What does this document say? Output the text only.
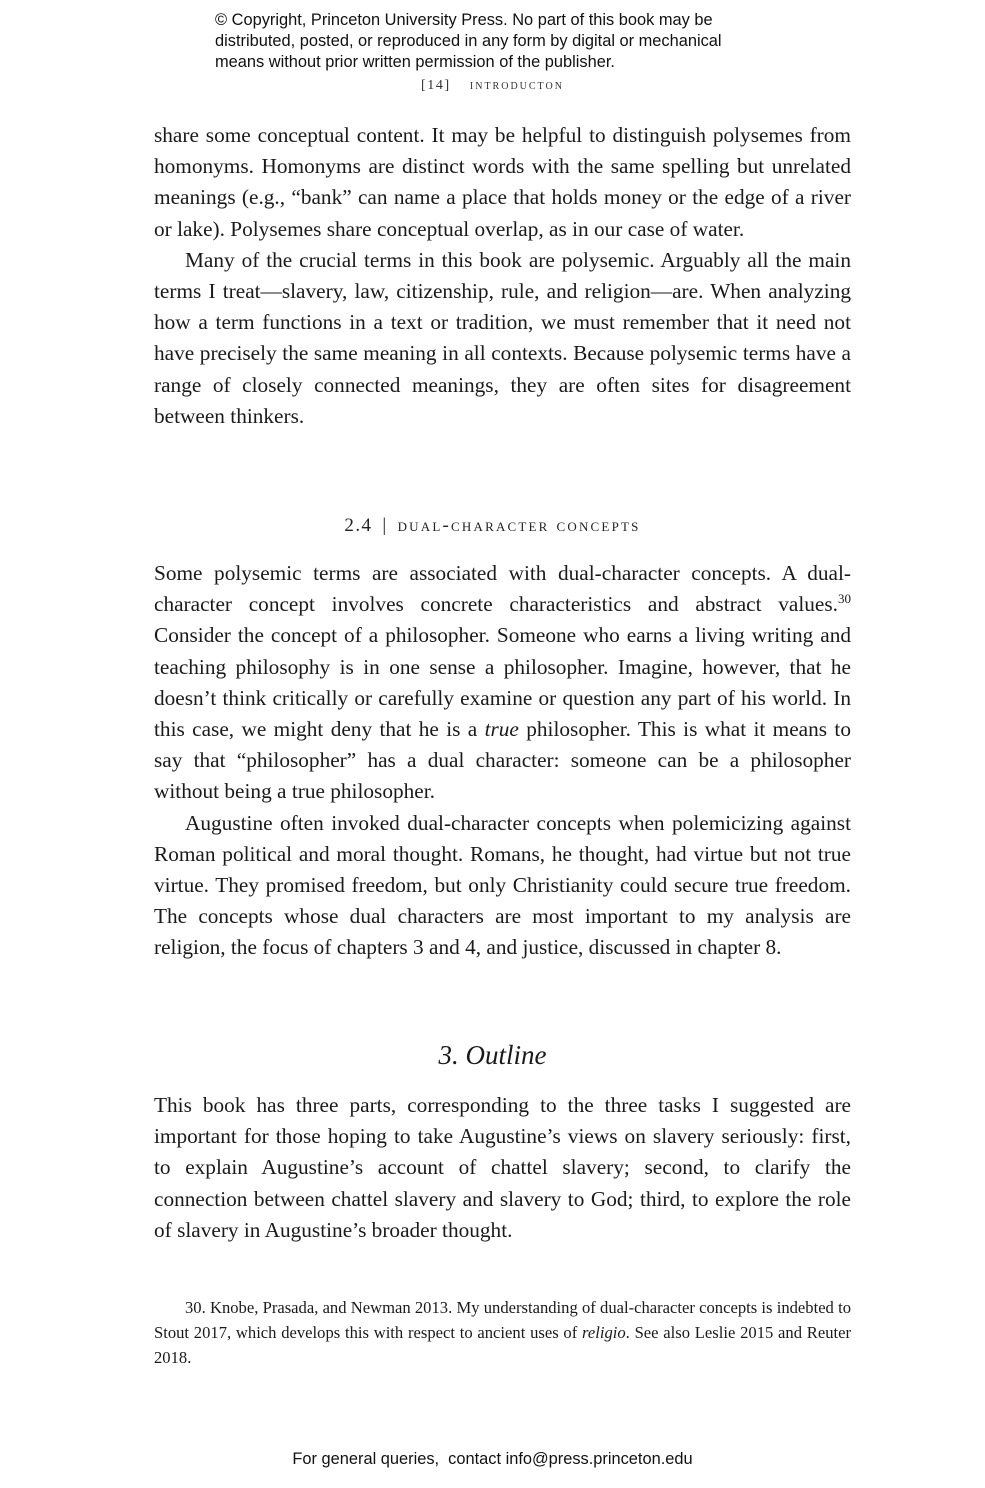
© Copyright, Princeton University Press. No part of this book may be
distributed, posted, or reproduced in any form by digital or mechanical
means without prior written permission of the publisher.
[14] introducton

share some conceptual content. It may be helpful to distinguish polysemes from homonyms. Homonyms are distinct words with the same spelling but unrelated meanings (e.g., “bank” can name a place that holds money or the edge of a river or lake). Polysemes share conceptual overlap, as in our case of water.

Many of the crucial terms in this book are polysemic. Arguably all the main terms I treat—slavery, law, citizenship, rule, and religion—are. When analyzing how a term functions in a text or tradition, we must remember that it need not have precisely the same meaning in all contexts. Because polysemic terms have a range of closely connected meanings, they are often sites for disagreement between thinkers.

2.4 | dual-character concepts

Some polysemic terms are associated with dual-character concepts. A dual-character concept involves concrete characteristics and abstract values.$^{30}$ Consider the concept of a philosopher. Someone who earns a living writing and teaching philosophy is in one sense a philosopher. Imagine, however, that he doesn’t think critically or carefully examine or question any part of his world. In this case, we might deny that he is a true philosopher. This is what it means to say that “philosopher” has a dual character: someone can be a philosopher without being a true philosopher.

Augustine often invoked dual-character concepts when polemicizing against Roman political and moral thought. Romans, he thought, had virtue but not true virtue. They promised freedom, but only Christianity could secure true freedom. The concepts whose dual characters are most important to my analysis are religion, the focus of chapters 3 and 4, and justice, discussed in chapter 8.

3. Outline

This book has three parts, corresponding to the three tasks I suggested are important for those hoping to take Augustine’s views on slavery seriously: first, to explain Augustine’s account of chattel slavery; second, to clarify the connection between chattel slavery and slavery to God; third, to explore the role of slavery in Augustine’s broader thought.

30. Knobe, Prasada, and Newman 2013. My understanding of dual-character concepts is indebted to Stout 2017, which develops this with respect to ancient uses of religio. See also Leslie 2015 and Reuter 2018.

For general queries,  contact info@press.princeton.edu
